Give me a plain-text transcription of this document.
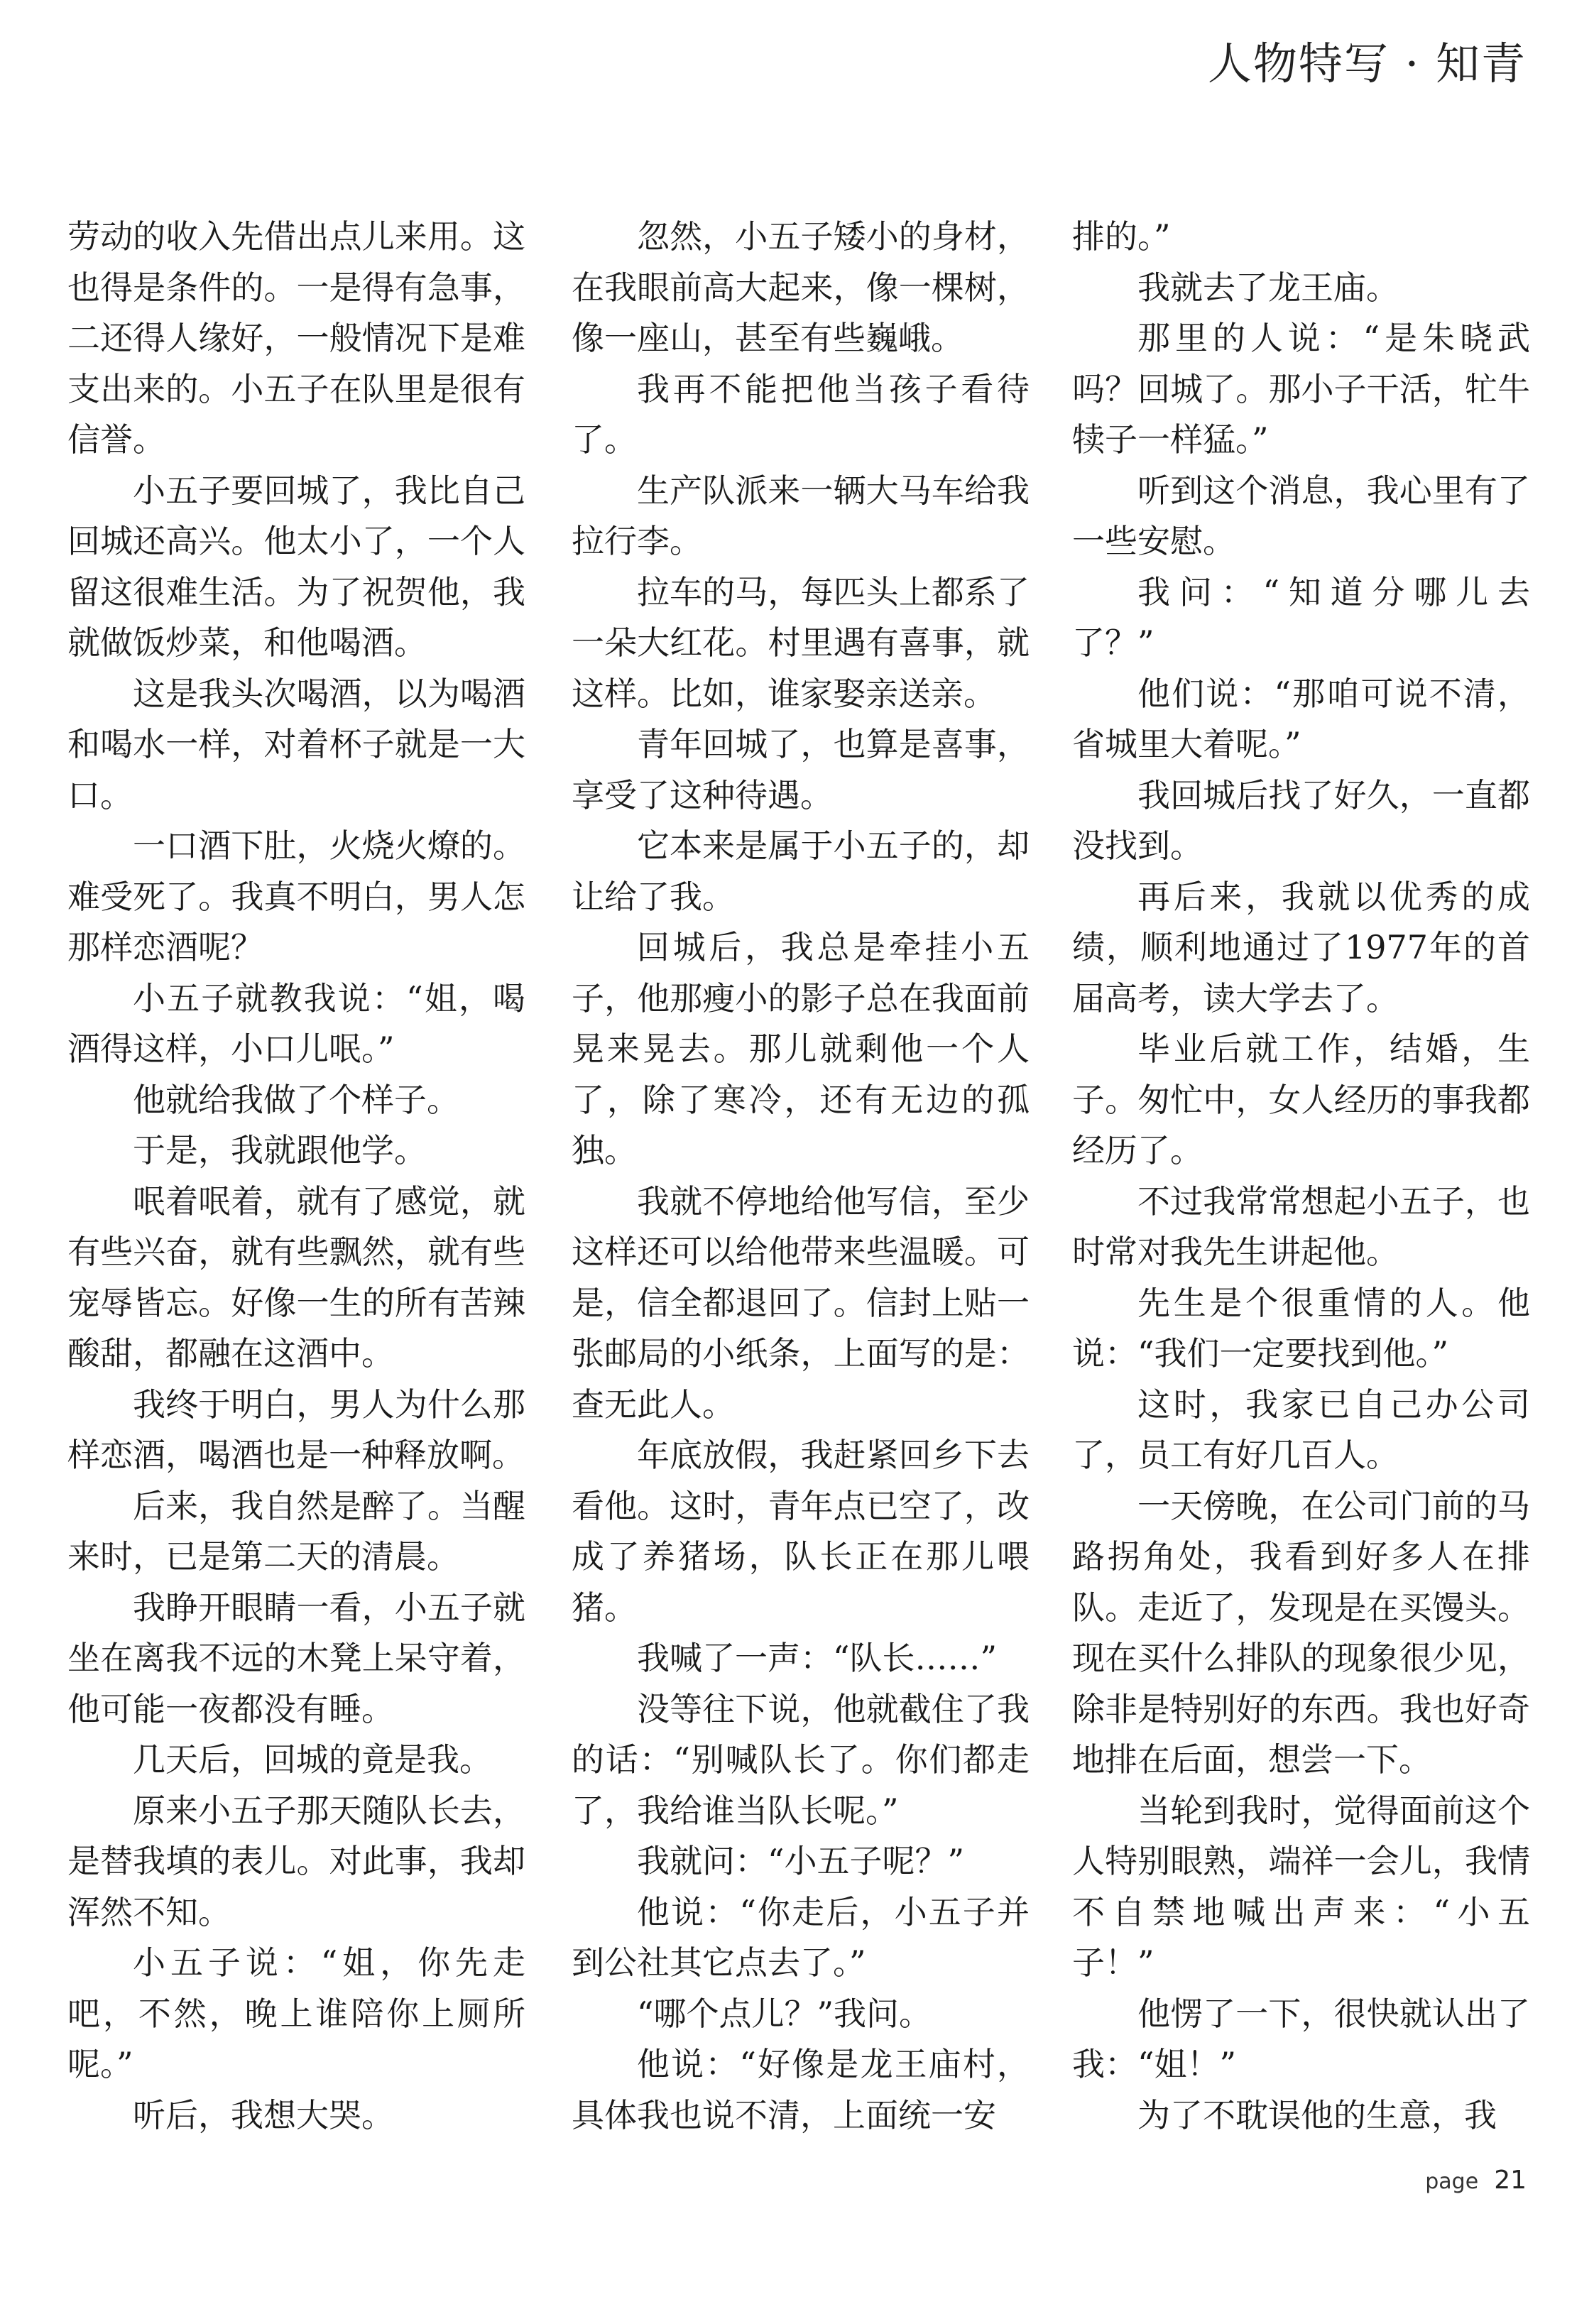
人物特写 · 知青

劳动的收入先借出点儿来用。这也得是条件的。一是得有急事，二还得人缘好，一般情况下是难支出来的。小五子在队里是很有信誉。

小五子要回城了，我比自己回城还高兴。他太小了，一个人留这很难生活。为了祝贺他，我就做饭炒菜，和他喝酒。

这是我头次喝酒，以为喝酒和喝水一样，对着杯子就是一大口。

一口酒下肚，火烧火燎的。难受死了。我真不明白，男人怎那样恋酒呢？

小五子就教我说：“姐，喝酒得这样，小口儿呡。”

他就给我做了个样子。

于是，我就跟他学。

呡着呡着，就有了感觉，就有些兴奋，就有些飘然，就有些宠辱皆忘。好像一生的所有苦辣酸甜，都融在这酒中。

我终于明白，男人为什么那样恋酒，喝酒也是一种释放啊。

后来，我自然是醉了。当醒来时，已是第二天的清晨。

我睁开眼睛一看，小五子就坐在离我不远的木凳上呆守着，他可能一夜都没有睡。

几天后，回城的竟是我。

原来小五子那天随队长去，是替我填的表儿。对此事，我却浑然不知。

小五子说：“姐，你先走吧，不然，晚上谁陪你上厕所呢。”

听后，我想大哭。

忽然，小五子矮小的身材，在我眼前高大起来，像一棵树，像一座山，甚至有些巍峨。

我再不能把他当孩子看待了。

生产队派来一辆大马车给我拉行李。

拉车的马，每匹头上都系了一朵大红花。村里遇有喜事，就这样。比如，谁家娶亲送亲。

青年回城了，也算是喜事，享受了这种待遇。

它本来是属于小五子的，却让给了我。

回城后，我总是牵挂小五子，他那瘦小的影子总在我面前晃来晃去。那儿就剩他一个人了，除了寒冷，还有无边的孤独。

我就不停地给他写信，至少这样还可以给他带来些温暖。可是，信全都退回了。信封上贴一张邮局的小纸条，上面写的是：查无此人。

年底放假，我赶紧回乡下去看他。这时，青年点已空了，改成了养猪场，队长正在那儿喂猪。

我喊了一声：“队长……”

没等往下说，他就截住了我的话：“别喊队长了。你们都走了，我给谁当队长呢。”

我就问：“小五子呢？”

他说：“你走后，小五子并到公社其它点去了。”

“哪个点儿？”我问。

他说：“好像是龙王庙村，具体我也说不清，上面统一安

排的。”

我就去了龙王庙。

那里的人说：“是朱晓武吗？回城了。那小子干活，牤牛犊子一样猛。”

听到这个消息，我心里有了一些安慰。

我问：“知道分哪儿去了？”

他们说：“那咱可说不清，省城里大着呢。”

我回城后找了好久，一直都没找到。

再后来，我就以优秀的成绩，顺利地通过了1977年的首届高考，读大学去了。

毕业后就工作，结婚，生子。匆忙中，女人经历的事我都经历了。

不过我常常想起小五子，也时常对我先生讲起他。

先生是个很重情的人。他说：“我们一定要找到他。”

这时，我家已自己办公司了，员工有好几百人。

一天傍晚，在公司门前的马路拐角处，我看到好多人在排队。走近了，发现是在买馒头。现在买什么排队的现象很少见，除非是特别好的东西。我也好奇地排在后面，想尝一下。

当轮到我时，觉得面前这个人特别眼熟，端祥一会儿，我情不自禁地喊出声来：“小五子！”

他愣了一下，很快就认出了我：“姐！”

为了不耽误他的生意，我

page 21
